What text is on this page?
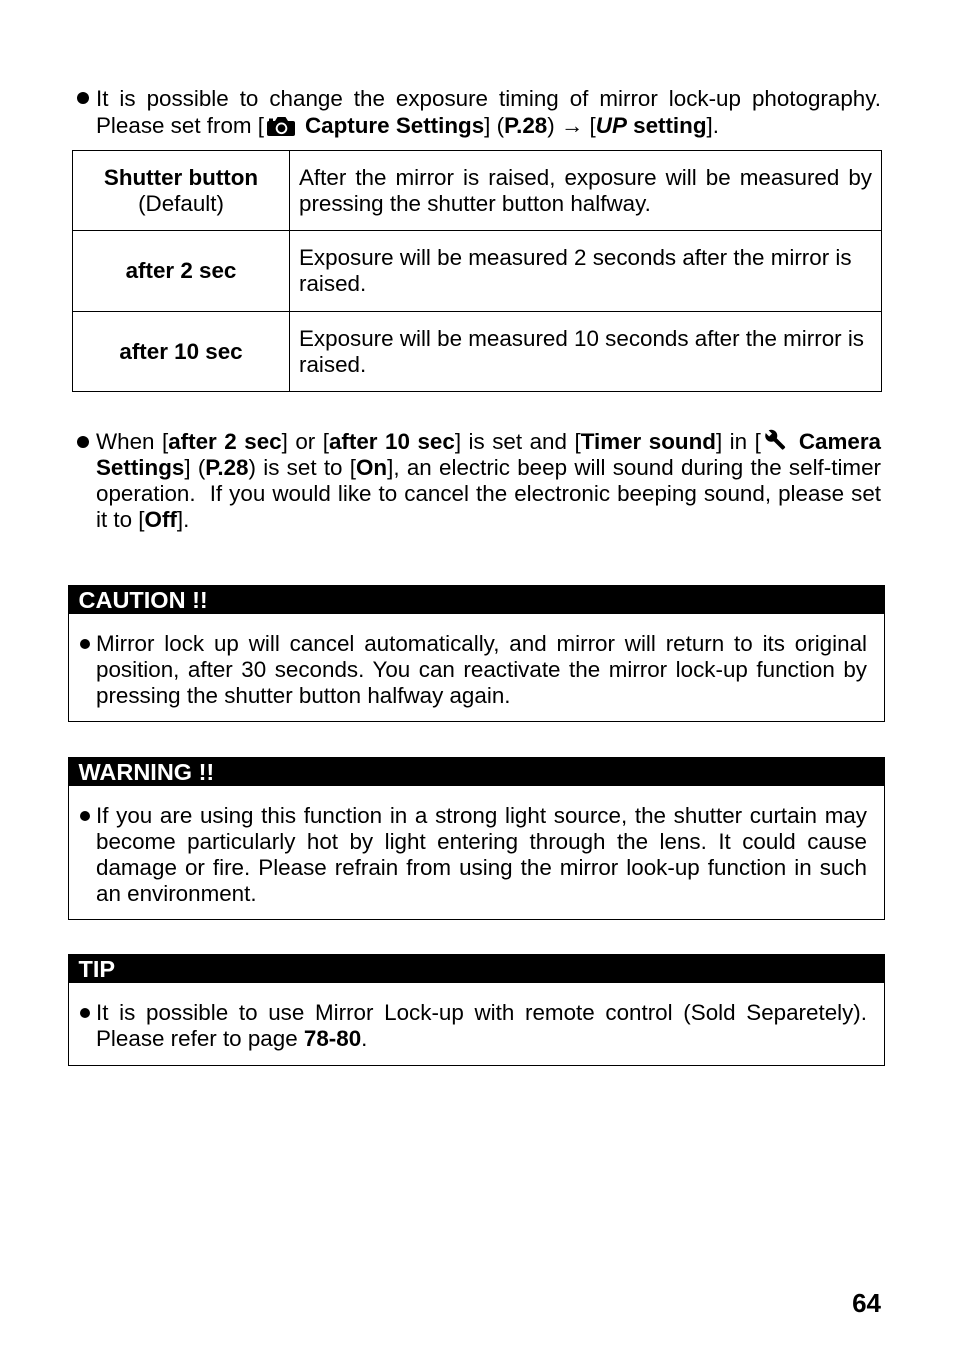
It is possible to change the exposure timing of mirror lock-up photography.
Please set from [ Capture Settings] (P.28) → [UP setting].
Shutter button
(Default)	After the mirror is raised, exposure will be measured by pressing the shutter button halfway.

after 2 sec	Exposure will be measured 2 seconds after the mirror is raised.

after 10 sec	Exposure will be measured 10 seconds after the mirror is raised.
When [after 2 sec] or [after 10 sec] is set and [Timer sound] in [ Camera
Settings] (P.28) is set to [On], an electric beep will sound during the self-timer
operation.  If you would like to cancel the electronic beeping sound, please set
it to [Off].
CAUTION !!
Mirror lock up will cancel automatically, and mirror will return to its original
position, after 30 seconds. You can reactivate the mirror lock-up function by
pressing the shutter button halfway again.
WARNING !!
If you are using this function in a strong light source, the shutter curtain may
become particularly hot by light entering through the lens. It could cause
damage or fire. Please refrain from using the mirror look-up function in such
an environment.
TIP
It is possible to use Mirror Lock-up with remote control (Sold Separetely).
Please refer to page 78-80.
64
